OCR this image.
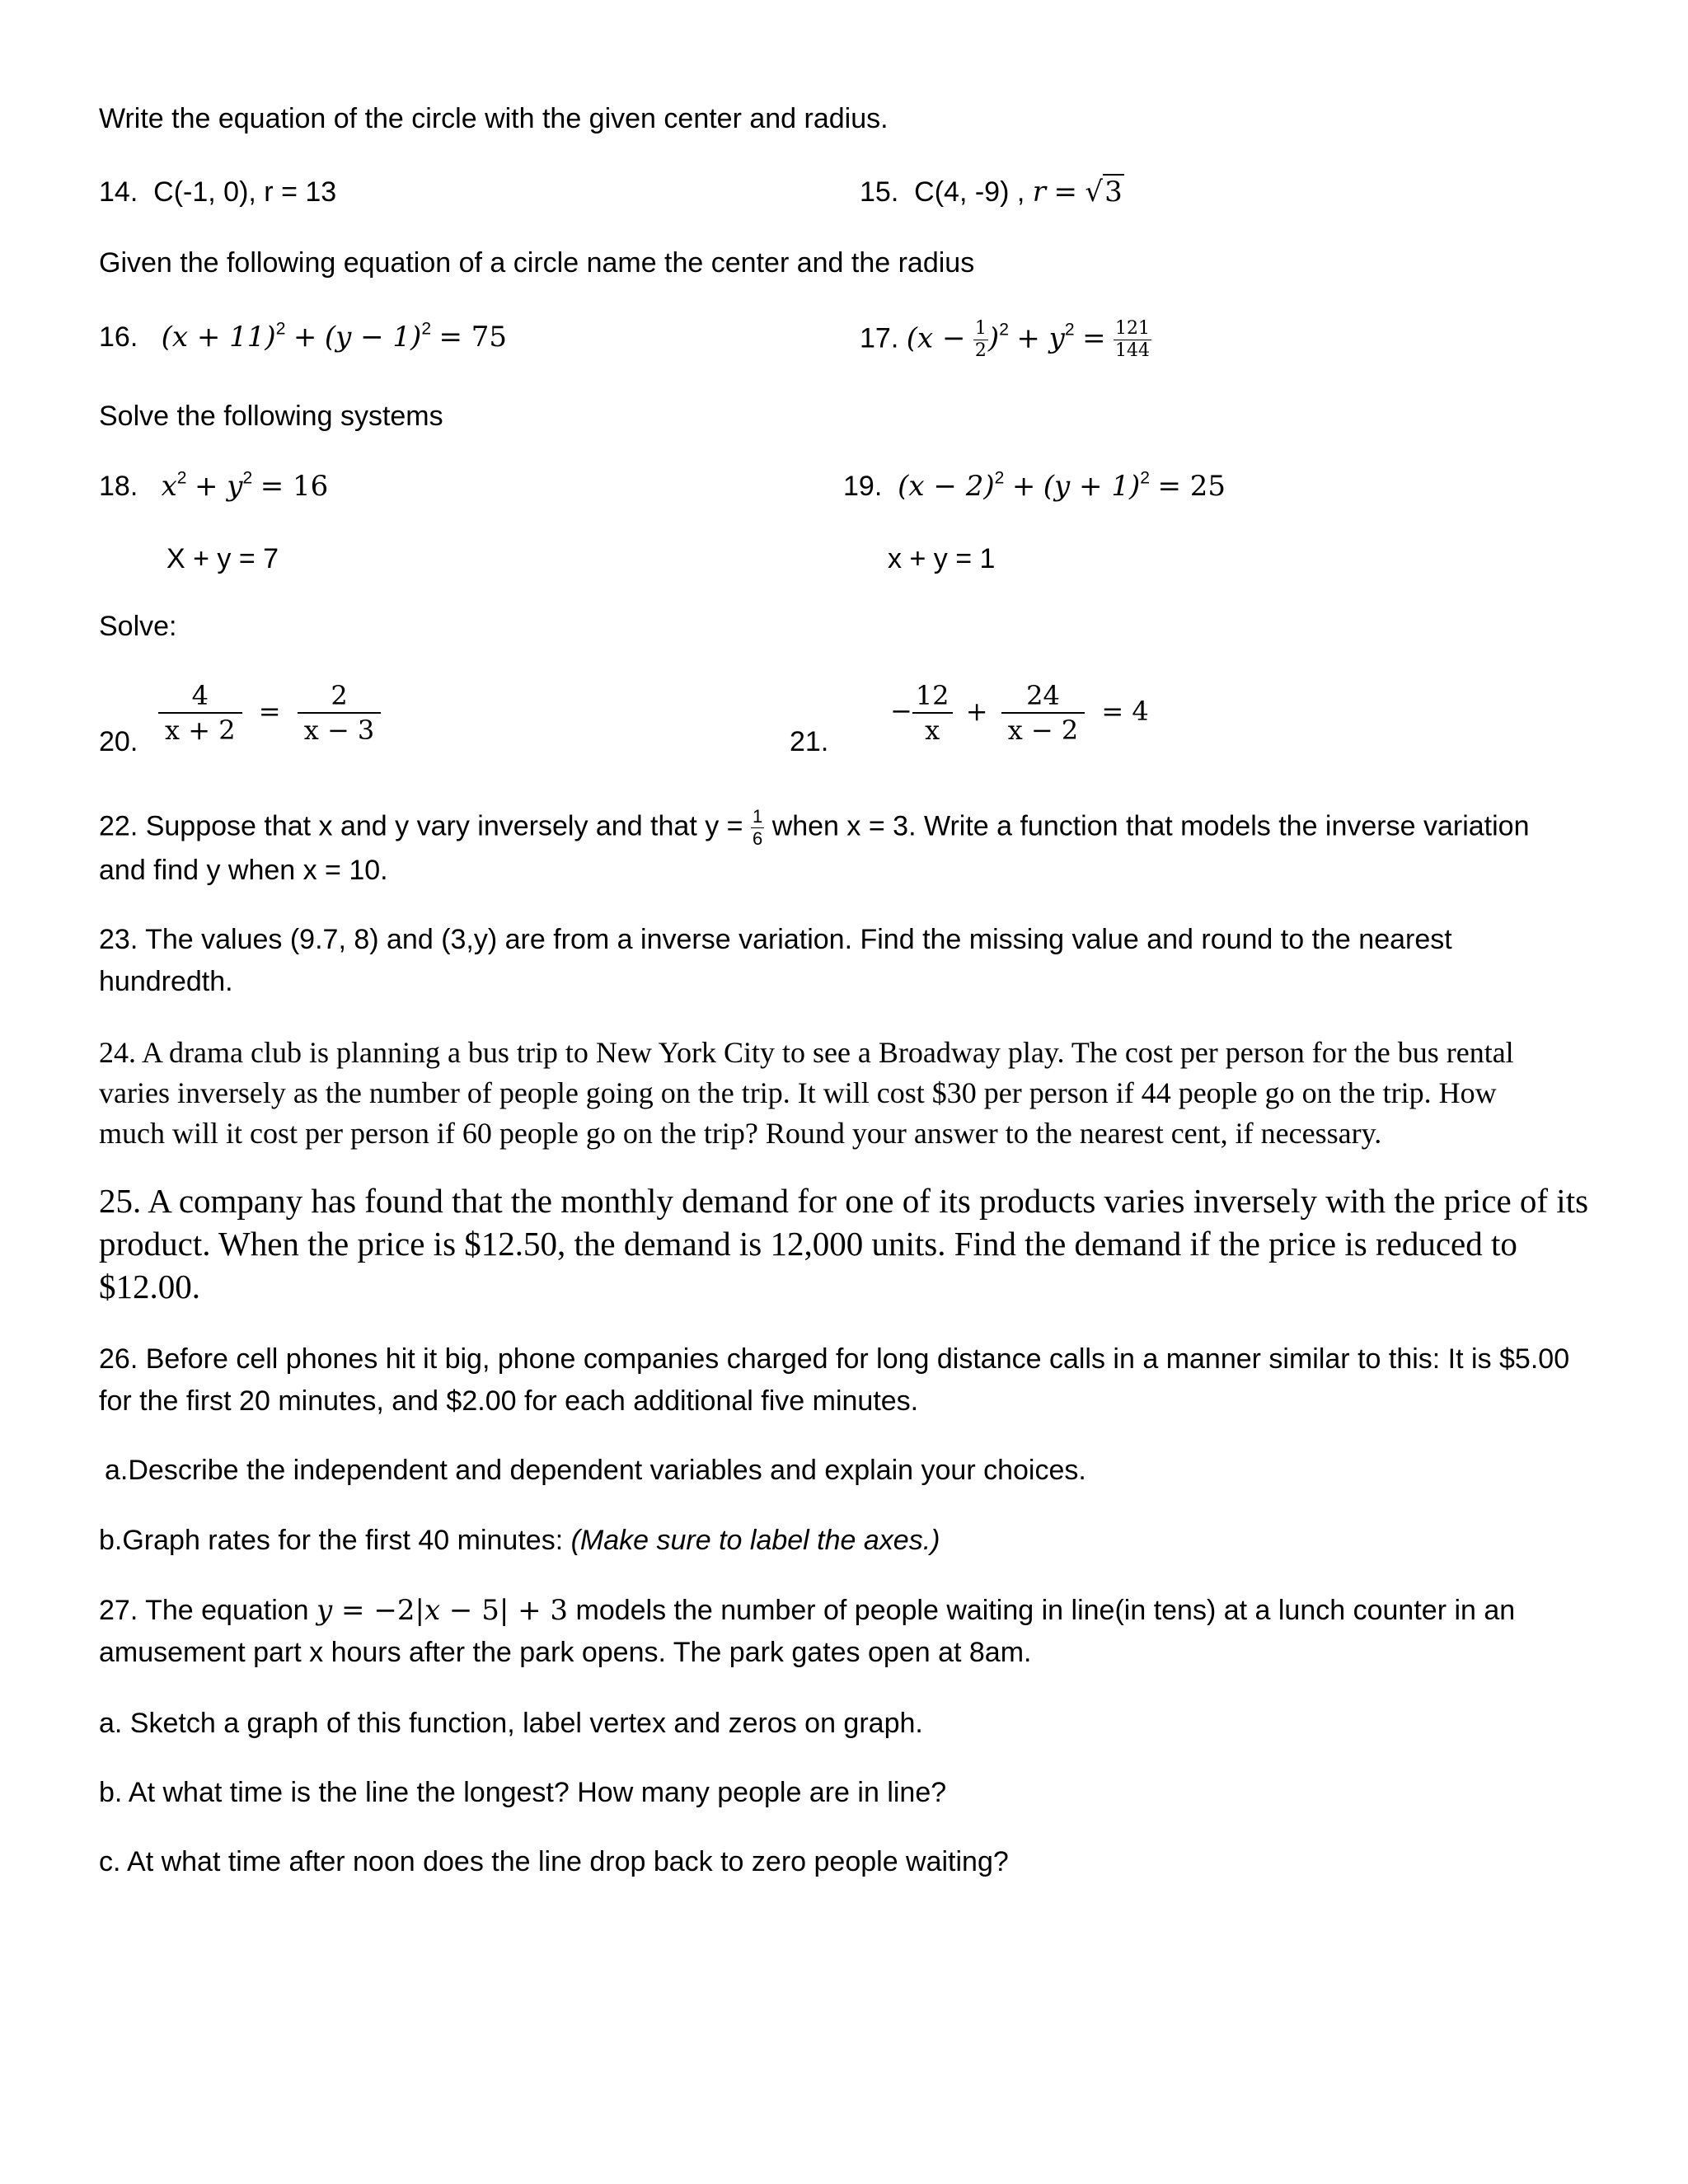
Write the equation of the circle with the given center and radius.
14. C(-1, 0), r = 13	15. C(4, -9) , r = √3
Given the following equation of a circle name the center and the radius
16. $(x + 11)^2 + (y - 1)^2 = 75$	17. $(x - \frac{1}{2} )^2 + y^2 = \frac{121}{144}$
Solve the following systems
18. $x^2 + y^2 = 16$
X + y = 7
19. $(x - 2)^2 + (y + 1)^2 = 25$
x + y = 1
Solve:
20. $\frac{4}{x + 2} = \frac{2}{x - 3}$	21.
− $\frac{12}{x} + \frac{24}{x - 2} = 4$
22. Suppose that x and y vary inversely and that $y = \frac{1}{6}$ when x = 3. Write a function that models the inverse variation
and find y when x = 10.
23. The values (9.7, 8) and (3,y) are from a inverse variation. Find the missing value and round to the nearest
hundredth.
24. A drama club is planning a bus trip to New York City to see a Broadway play. The cost per person for the bus rental
varies inversely as the number of people going on the trip. It will cost $30 per person if 44 people go on the trip. How
much will it cost per person if 60 people go on the trip? Round your answer to the nearest cent, if necessary.
25. A company has found that the monthly demand for one of its products varies inversely with the price of its
product. When the price is $12.50, the demand is 12,000 units. Find the demand if the price is reduced to
$12.00.
26. Before cell phones hit it big, phone companies charged for long distance calls in a manner similar to this: It is $5.00
for the first 20 minutes, and $2.00 for each additional five minutes.
a.Describe the independent and dependent variables and explain your choices.
b.Graph rates for the first 40 minutes: (Make sure to label the axes.)
27. The equation y = −2|x − 5| + 3 models the number of people waiting in line(in tens) at a lunch counter in an
amusement part x hours after the park opens. The park gates open at 8am.
a. Sketch a graph of this function, label vertex and zeros on graph.
b. At what time is the line the longest? How many people are in line?
c. At what time after noon does the line drop back to zero people waiting?
